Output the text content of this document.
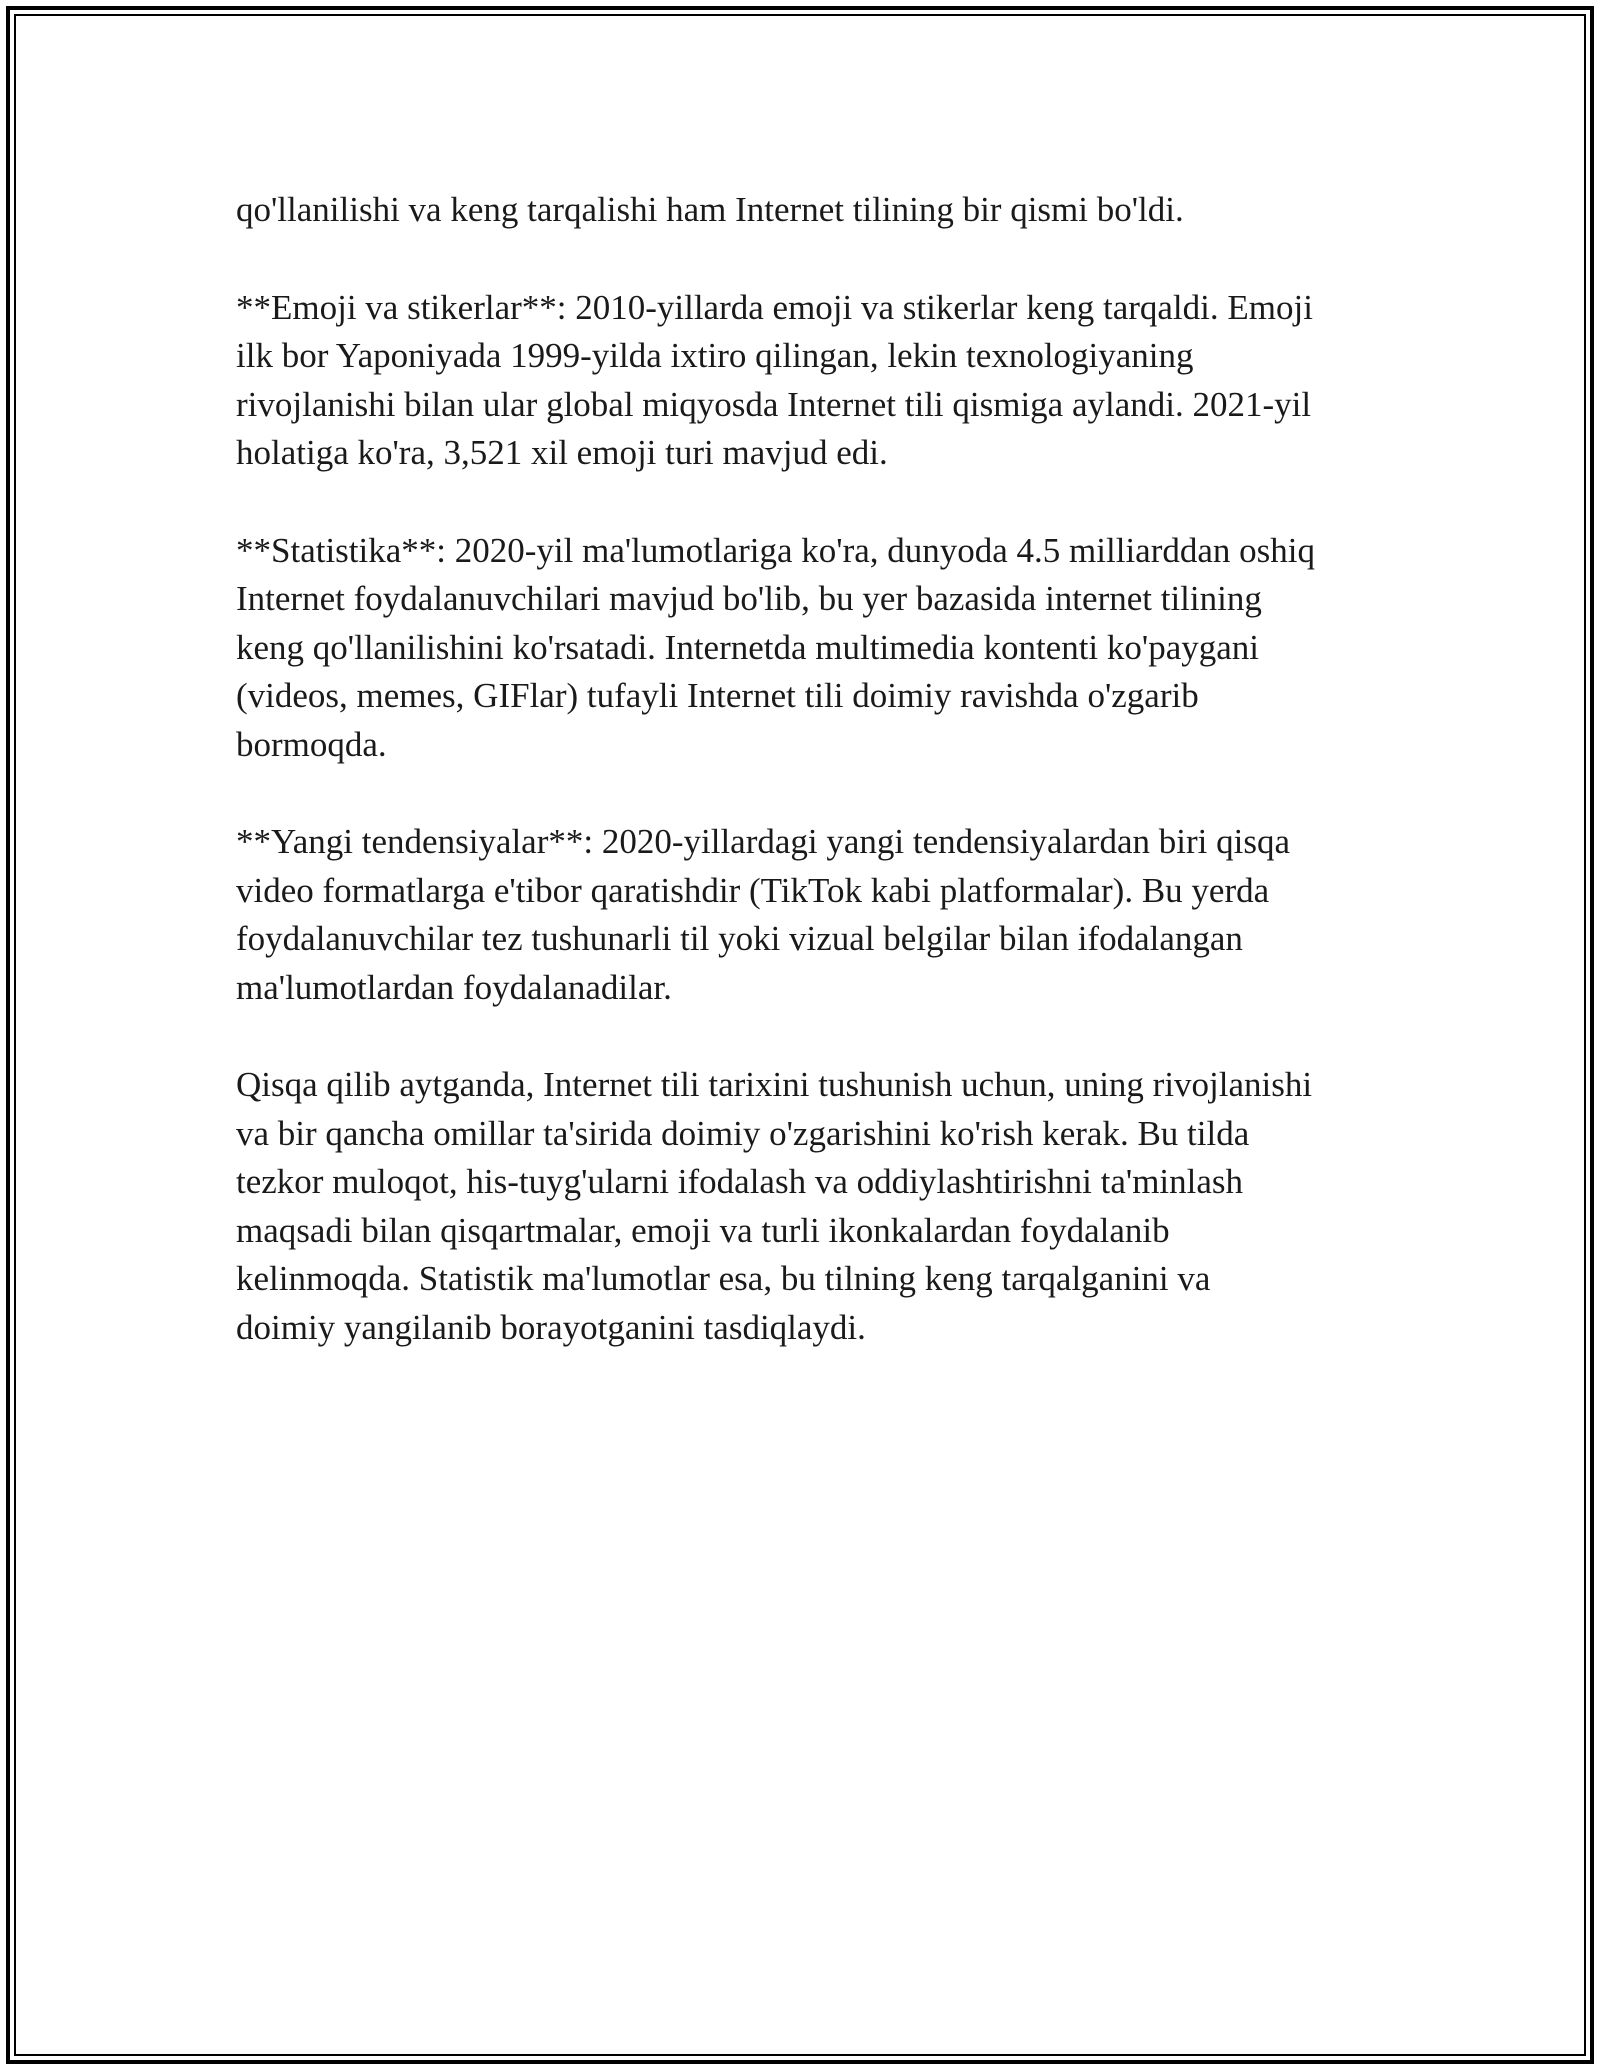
qo'llanilishi va keng tarqalishi ham Internet tilining bir qismi bo'ldi.

**Emoji va stikerlar**: 2010-yillarda emoji va stikerlar keng tarqaldi. Emoji
ilk bor Yaponiyada 1999-yilda ixtiro qilingan, lekin texnologiyaning
rivojlanishi bilan ular global miqyosda Internet tili qismiga aylandi. 2021-yil
holatiga ko'ra, 3,521 xil emoji turi mavjud edi.

**Statistika**: 2020-yil ma'lumotlariga ko'ra, dunyoda 4.5 milliarddan oshiq
Internet foydalanuvchilari mavjud bo'lib, bu yer bazasida internet tilining
keng qo'llanilishini ko'rsatadi. Internetda multimedia kontenti ko'paygani
(videos, memes, GIFlar) tufayli Internet tili doimiy ravishda o'zgarib
bormoqda.

**Yangi tendensiyalar**: 2020-yillardagi yangi tendensiyalardan biri qisqa
video formatlarga e'tibor qaratishdir (TikTok kabi platformalar). Bu yerda
foydalanuvchilar tez tushunarli til yoki vizual belgilar bilan ifodalangan
ma'lumotlardan foydalanadilar.

Qisqa qilib aytganda, Internet tili tarixini tushunish uchun, uning rivojlanishi
va bir qancha omillar ta'sirida doimiy o'zgarishini ko'rish kerak. Bu tilda
tezkor muloqot, his-tuyg'ularni ifodalash va oddiylashtirishni ta'minlash
maqsadi bilan qisqartmalar, emoji va turli ikonkalardan foydalanib
kelinmoqda. Statistik ma'lumotlar esa, bu tilning keng tarqalganini va
doimiy yangilanib borayotganini tasdiqlaydi.
